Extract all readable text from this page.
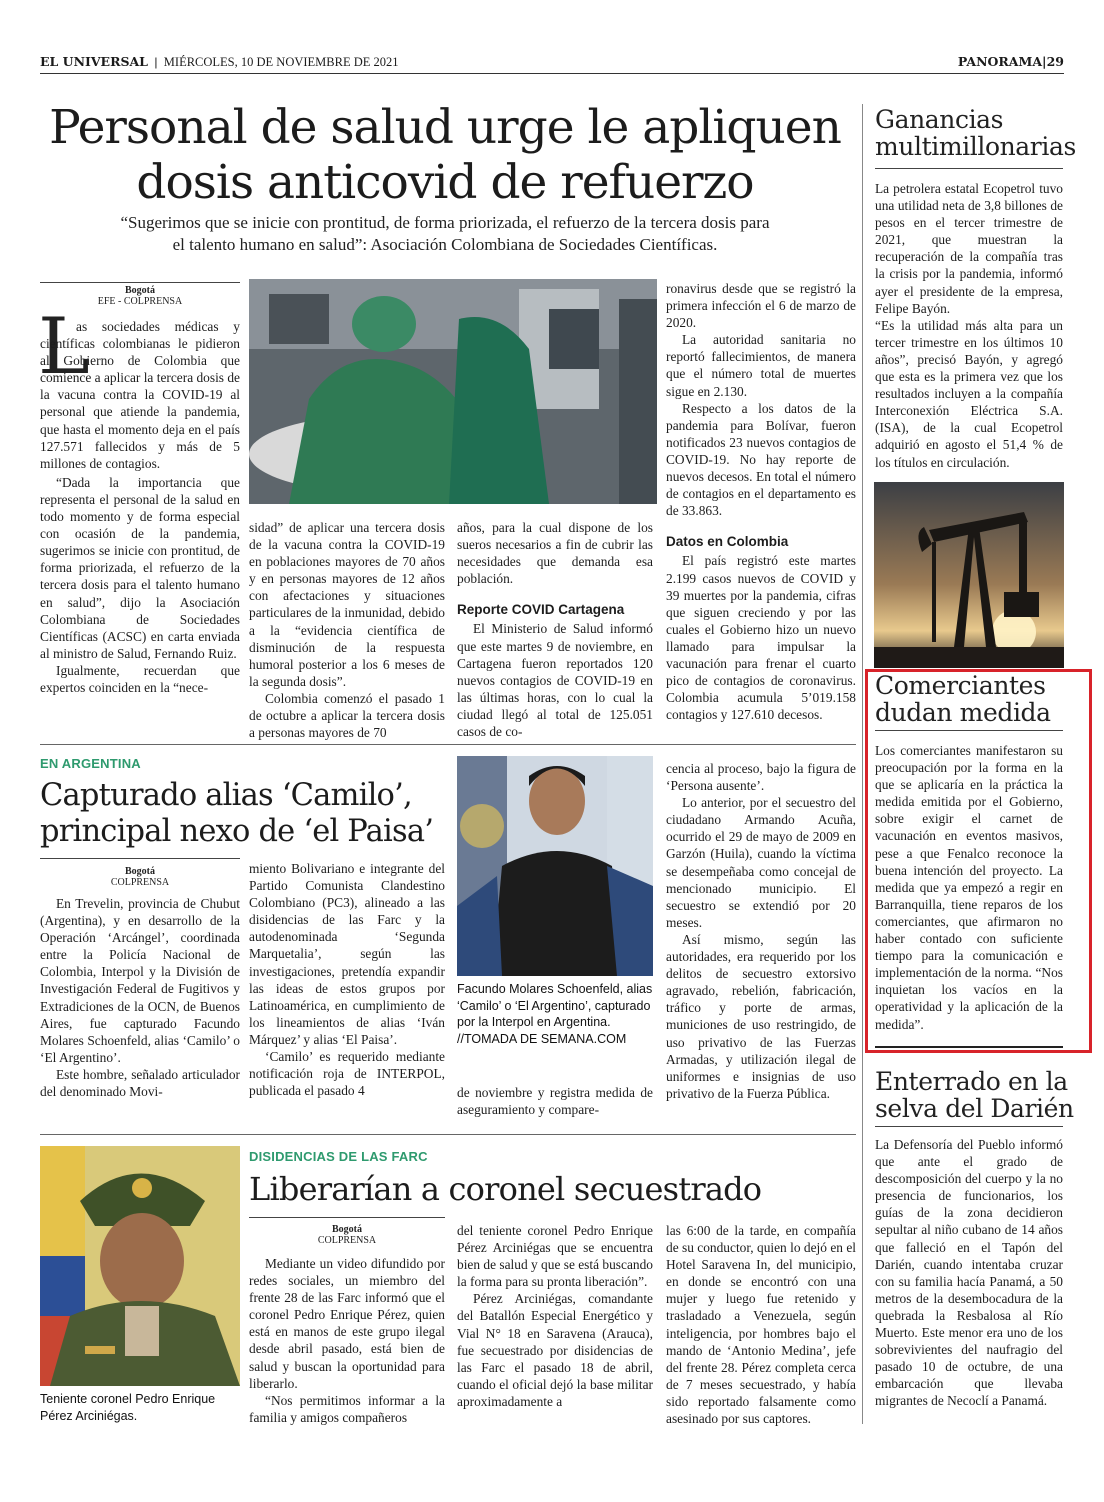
EL UNIVERSAL | MIÉRCOLES, 10 DE NOVIEMBRE DE 2021	PANORAMA|29
Personal de salud urge le apliquen
dosis anticovid de refuerzo
“Sugerimos que se inicie con prontitud, de forma priorizada, el refuerzo de la tercera dosis para
el talento humano en salud”: Asociación Colombiana de Sociedades Científicas.
Bogotá
EFE - COLPRENSA
L

as sociedades médicas y científicas colombianas le pidieron al Gobierno de Colombia que comience a aplicar la tercera dosis de la vacuna contra la COVID-19 al personal que atiende la pandemia, que hasta el momento deja en el país 127.571 fallecidos y más de 5 millones de contagios.

“Dada la importancia que representa el personal de la salud en todo momento y de forma especial con ocasión de la pandemia, sugerimos se inicie con prontitud, de forma priorizada, el refuerzo de la tercera dosis para el talento humano en salud”, dijo la Asociación Colombiana de Sociedades Científicas (ACSC) en carta enviada al ministro de Salud, Fernando Ruiz.

Igualmente, recuerdan que expertos coinciden en la “nece-

sidad” de aplicar una tercera dosis de la vacuna contra la COVID-19 en poblaciones mayores de 70 años y en personas mayores de 12 años con afectaciones y situaciones particulares de la inmunidad, debido a la “evidencia científica de disminución de la respuesta humoral posterior a los 6 meses de la segunda dosis”.

Colombia comenzó el pasado 1 de octubre a aplicar la tercera dosis a personas mayores de 70

años, para la cual dispone de los sueros necesarios a fin de cubrir las necesidades que demanda esa población.

Reporte COVID Cartagena

El Ministerio de Salud informó que este martes 9 de noviembre, en Cartagena fueron reportados 120 nuevos contagios de COVID-19 en las últimas horas, con lo cual la ciudad llegó al total de 125.051 casos de co-

ronavirus desde que se registró la primera infección el 6 de marzo de 2020.

La autoridad sanitaria no reportó fallecimientos, de manera que el número total de muertes sigue en 2.130.

Respecto a los datos de la pandemia para Bolívar, fueron notificados 23 nuevos contagios de COVID-19. No hay reporte de nuevos decesos. En total el número de contagios en el departamento es de 33.863.

Datos en Colombia

El país registró este martes 2.199 casos nuevos de COVID y 39 muertes por la pandemia, cifras que siguen creciendo y por las cuales el Gobierno hizo un nuevo llamado para impulsar la vacunación para frenar el cuarto pico de contagios de coronavirus. Colombia acumula 5’019.158 contagios y 127.610 decesos.

Ganancias
multimillonarias

La petrolera estatal Ecopetrol tuvo una utilidad neta de 3,8 billones de pesos en el tercer trimestre de 2021, que muestran la recuperación de la compañía tras la crisis por la pandemia, informó ayer el presidente de la empresa, Felipe Bayón.

“Es la utilidad más alta para un tercer trimestre en los últimos 10 años”, precisó Bayón, y agregó que esta es la primera vez que los resultados incluyen a la compañía Interconexión Eléctrica S.A. (ISA), de la cual Ecopetrol adquirió en agosto el 51,4 % de los títulos en circulación.

Comerciantes
dudan medida

Los comerciantes manifestaron su preocupación por la forma en la que se aplicaría en la práctica la medida emitida por el Gobierno, sobre exigir el carnet de vacunación en eventos masivos, pese a que Fenalco reconoce la buena intención del proyecto. La medida que ya empezó a regir en Barranquilla, tiene reparos de los comerciantes, que afirmaron no haber contado con suficiente tiempo para la comunicación e implementación de la norma. “Nos inquietan los vacíos en la operatividad y la aplicación de la medida”.

Enterrado en la
selva del Darién

La Defensoría del Pueblo informó que ante el grado de descomposición del cuerpo y la no presencia de funcionarios, los guías de la zona decidieron sepultar al niño cubano de 14 años que falleció en el Tapón del Darién, cuando intentaba cruzar con su familia hacía Panamá, a 50 metros de la desembocadura de la quebrada la Resbalosa al Río Muerto. Este menor era uno de los sobrevivientes del naufragio del pasado 10 de octubre, de una embarcación que llevaba migrantes de Necoclí a Panamá.

EN ARGENTINA
Capturado alias ‘Camilo’,
principal nexo de ‘el Paisa’
Bogotá
COLPRENSA

En Trevelin, provincia de Chubut (Argentina), y en desarrollo de la Operación ‘Arcángel’, coordinada entre la Policía Nacional de Colombia, Interpol y la División de Investigación Federal de Fugitivos y Extradiciones de la OCN, de Buenos Aires, fue capturado Facundo Molares Schoenfeld, alias ‘Camilo’ o ‘El Argentino’.

Este hombre, señalado articulador del denominado Movi-

miento Bolivariano e integrante del Partido Comunista Clandestino Colombiano (PC3), alineado a las disidencias de las Farc y la autodenominada ‘Segunda Marquetalia’, según las investigaciones, pretendía expandir las ideas de estos grupos por Latinoamérica, en cumplimiento de los lineamientos de alias ‘Iván Márquez’ y alias ‘El Paisa’.

‘Camilo’ es requerido mediante notificación roja de INTERPOL, publicada el pasado 4

Facundo Molares Schoenfeld, alias ‘Camilo’ o ‘El Argentino’, capturado por la Interpol en Argentina. //TOMADA DE SEMANA.COM

de noviembre y registra medida de aseguramiento y compare-

cencia al proceso, bajo la figura de ‘Persona ausente’.

Lo anterior, por el secuestro del ciudadano Armando Acuña, ocurrido el 29 de mayo de 2009 en Garzón (Huila), cuando la víctima se desempeñaba como concejal de mencionado municipio. El secuestro se extendió por 20 meses.

Así mismo, según las autoridades, era requerido por los delitos de secuestro extorsivo agravado, rebelión, fabricación, tráfico y porte de armas, municiones de uso restringido, de uso privativo de las Fuerzas Armadas, y utilización ilegal de uniformes e insignias de uso privativo de la Fuerza Pública.

Teniente coronel Pedro Enrique Pérez Arciniégas.
DISIDENCIAS DE LAS FARC
Liberarían a coronel secuestrado
Bogotá
COLPRENSA

Mediante un video difundido por redes sociales, un miembro del frente 28 de las Farc informó que el coronel Pedro Enrique Pérez, quien está en manos de este grupo ilegal desde abril pasado, está bien de salud y buscan la oportunidad para liberarlo.

“Nos permitimos informar a la familia y amigos compañeros

del teniente coronel Pedro Enrique Pérez Arciniégas que se encuentra bien de salud y que se está buscando la forma para su pronta liberación”.

Pérez Arciniégas, comandante del Batallón Especial Energético y Vial N° 18 en Saravena (Arauca), fue secuestrado por disidencias de las Farc el pasado 18 de abril, cuando el oficial dejó la base militar aproximadamente a

las 6:00 de la tarde, en compañía de su conductor, quien lo dejó en el Hotel Saravena In, del municipio, en donde se encontró con una mujer y luego fue retenido y trasladado a Venezuela, según inteligencia, por hombres bajo el mando de ‘Antonio Medina’, jefe del frente 28. Pérez completa cerca de 7 meses secuestrado, y había sido reportado falsamente como asesinado por sus captores.
